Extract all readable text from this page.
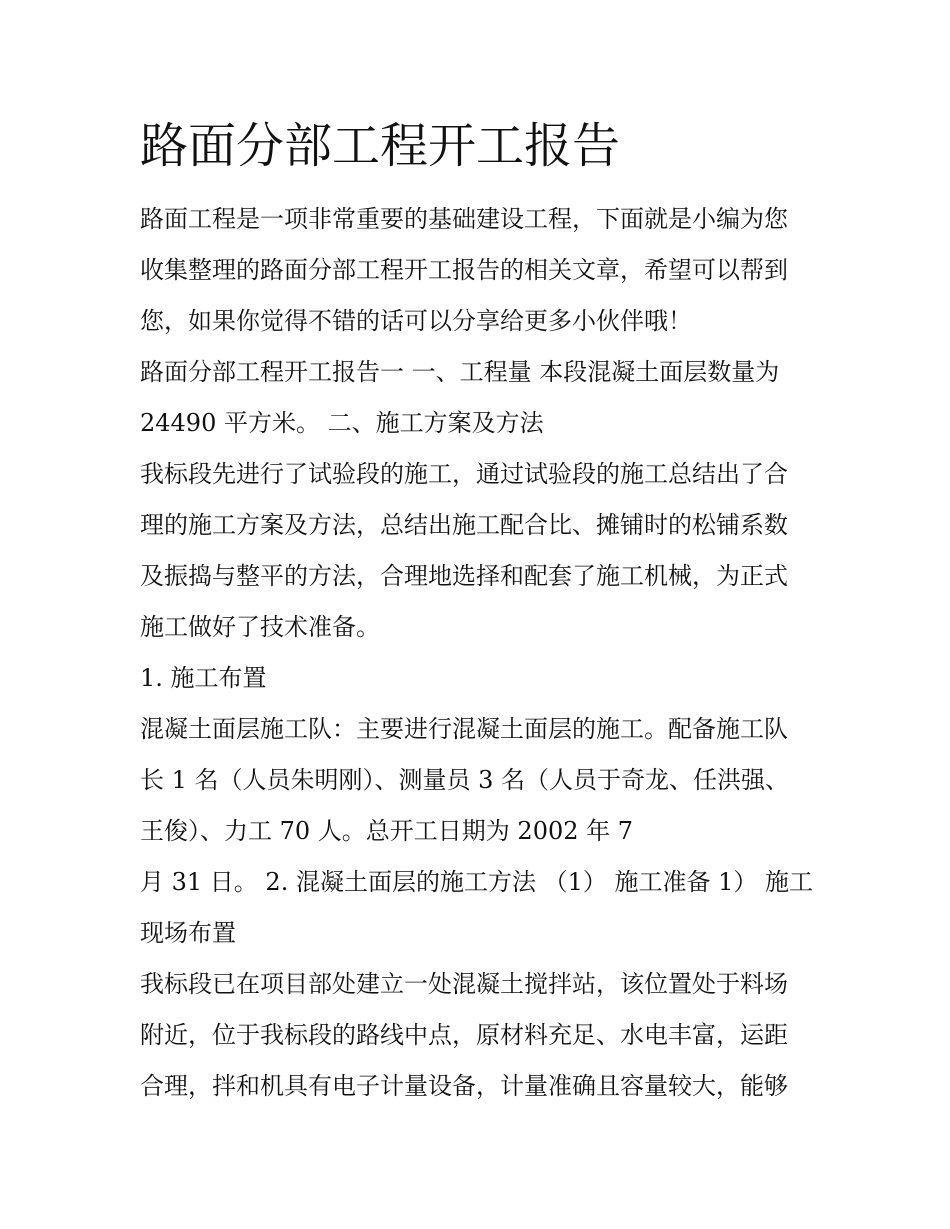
路面分部工程开工报告

路面工程是一项非常重要的基础建设工程，下面就是小编为您

收集整理的路面分部工程开工报告的相关文章，希望可以帮到

您，如果你觉得不错的话可以分享给更多小伙伴哦！

路面分部工程开工报告一 一、工程量 本段混凝土面层数量为

24490 平方米。 二、施工方案及方法

我标段先进行了试验段的施工，通过试验段的施工总结出了合

理的施工方案及方法，总结出施工配合比、摊铺时的松铺系数

及振捣与整平的方法，合理地选择和配套了施工机械，为正式

施工做好了技术准备。

1. 施工布置

混凝土面层施工队：主要进行混凝土面层的施工。配备施工队

长 1 名（人员朱明刚）、测量员 3 名（人员于奇龙、任洪强、

王俊）、力工 70 人。总开工日期为 2002 年 7

月 31 日。 2. 混凝土面层的施工方法 （1） 施工准备 1） 施工

现场布置

我标段已在项目部处建立一处混凝土搅拌站，该位置处于料场

附近，位于我标段的路线中点，原材料充足、水电丰富，运距

合理，拌和机具有电子计量设备，计量准确且容量较大，能够
